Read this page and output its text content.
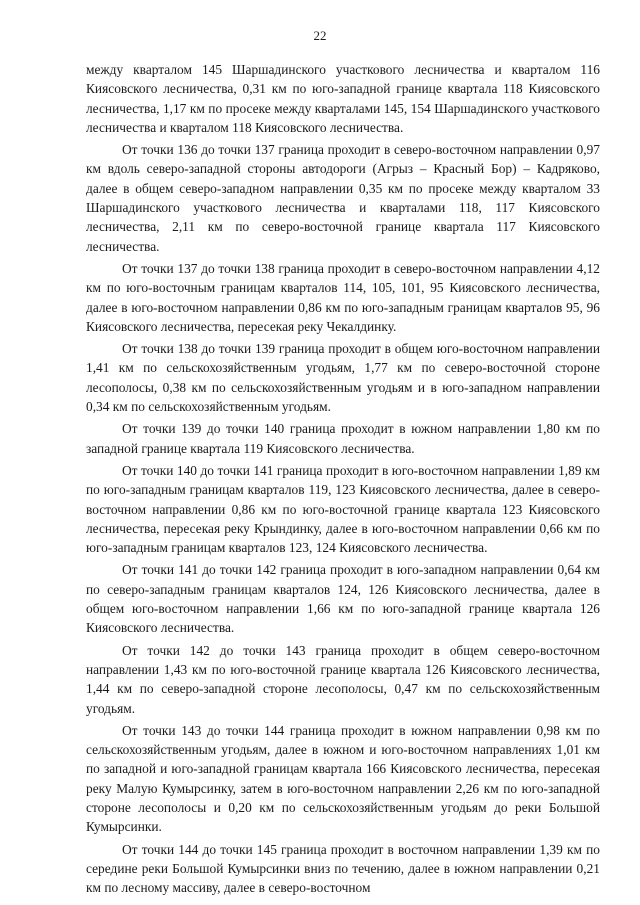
22

между кварталом 145 Шаршадинского участкового лесничества и кварталом 116 Киясовского лесничества, 0,31 км по юго-западной границе квартала 118 Киясовского лесничества, 1,17 км по просеке между кварталами 145, 154 Шаршадинского участкового лесничества и кварталом 118 Киясовского лесничества.

От точки 136 до точки 137 граница проходит в северо-восточном направлении 0,97 км вдоль северо-западной стороны автодороги (Агрыз – Красный Бор) – Кадряково, далее в общем северо-западном направлении 0,35 км по просеке между кварталом 33 Шаршадинского участкового лесничества и кварталами 118, 117 Киясовского лесничества, 2,11 км по северо-восточной границе квартала 117 Киясовского лесничества.

От точки 137 до точки 138 граница проходит в северо-восточном направлении 4,12 км по юго-восточным границам кварталов 114, 105, 101, 95 Киясовского лесничества, далее в юго-восточном направлении 0,86 км по юго-западным границам кварталов 95, 96 Киясовского лесничества, пересекая реку Чекалдинку.

От точки 138 до точки 139 граница проходит в общем юго-восточном направлении 1,41 км по сельскохозяйственным угодьям, 1,77 км по северо-восточной стороне лесополосы, 0,38 км по сельскохозяйственным угодьям и в юго-западном направлении 0,34 км по сельскохозяйственным угодьям.

От точки 139 до точки 140 граница проходит в южном направлении 1,80 км по западной границе квартала 119 Киясовского лесничества.

От точки 140 до точки 141 граница проходит в юго-восточном направлении 1,89 км по юго-западным границам кварталов 119, 123 Киясовского лесничества, далее в северо-восточном направлении 0,86 км по юго-восточной границе квартала 123 Киясовского лесничества, пересекая реку Крындинку, далее в юго-восточном направлении 0,66 км по юго-западным границам кварталов 123, 124 Киясовского лесничества.

От точки 141 до точки 142 граница проходит в юго-западном направлении 0,64 км по северо-западным границам кварталов 124, 126 Киясовского лесничества, далее в общем юго-восточном направлении 1,66 км по юго-западной границе квартала 126 Киясовского лесничества.

От точки 142 до точки 143 граница проходит в общем северо-восточном направлении 1,43 км по юго-восточной границе квартала 126 Киясовского лесничества, 1,44 км по северо-западной стороне лесополосы, 0,47 км по сельскохозяйственным угодьям.

От точки 143 до точки 144 граница проходит в южном направлении 0,98 км по сельскохозяйственным угодьям, далее в южном и юго-восточном направлениях 1,01 км по западной и юго-западной границам квартала 166 Киясовского лесничества, пересекая реку Малую Кумырсинку, затем в юго-восточном направлении 2,26 км по юго-западной стороне лесополосы и 0,20 км по сельскохозяйственным угодьям до реки Большой Кумырсинки.

От точки 144 до точки 145 граница проходит в восточном направлении 1,39 км по середине реки Большой Кумырсинки вниз по течению, далее в южном направлении 0,21 км по лесному массиву, далее в северо-восточном
